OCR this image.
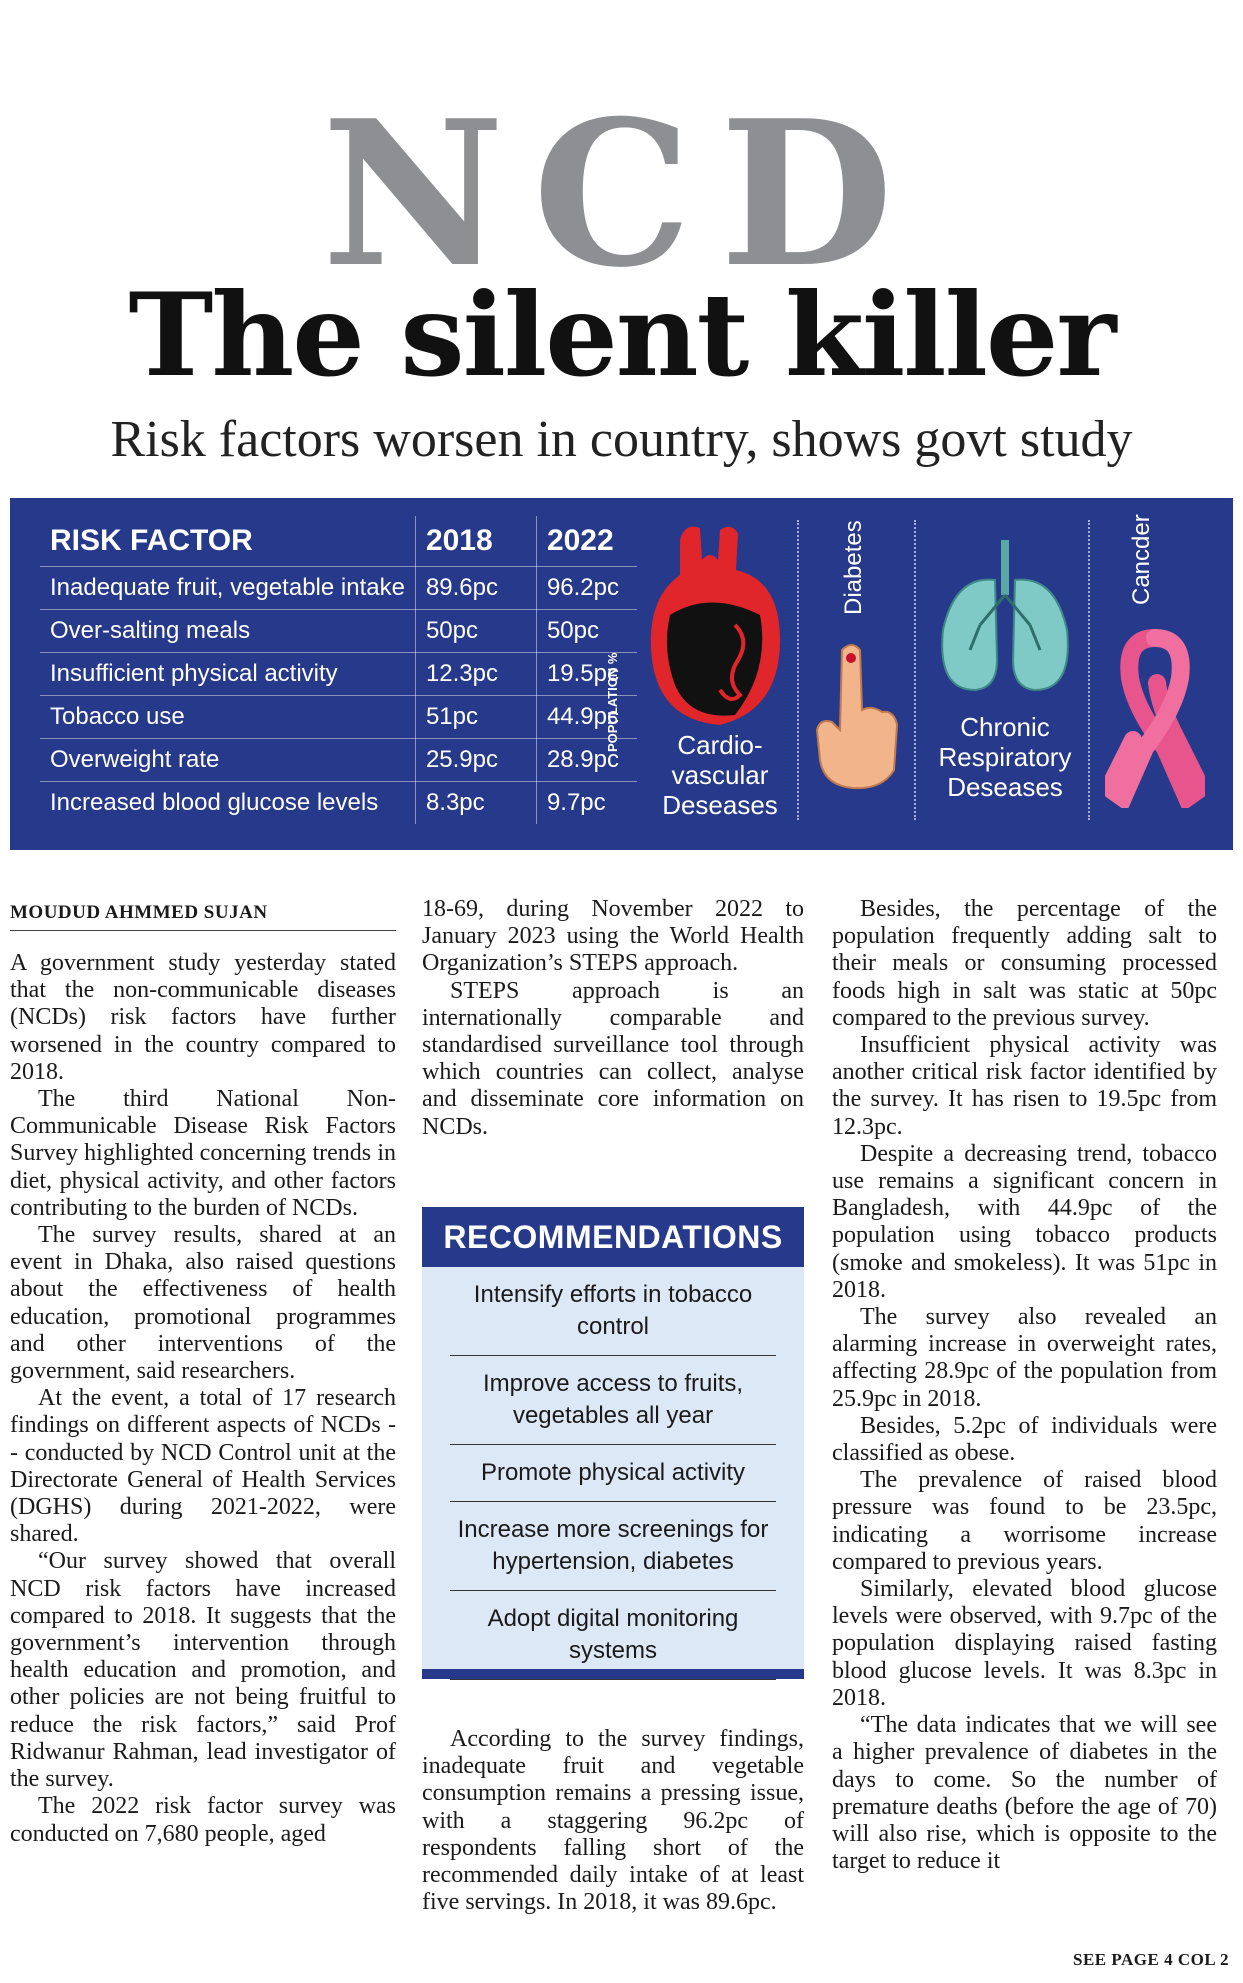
NCD
The silent killer
Risk factors worsen in country, shows govt study
RISK FACTOR	2018	2022
Inadequate fruit, vegetable intake	89.6pc	96.2pc
Over-salting meals	50pc	50pc
Insufficient physical activity	12.3pc	19.5pc
Tobacco use	51pc	44.9pc
Overweight rate	25.9pc	28.9pc
Increased blood glucose levels	8.3pc	9.7pc
POPULATION %	Cardio-
vascular
Deseases
Diabetes
Chronic
Respiratory
Deseases
Cancder
MOUDUD AHMMED SUJAN

A government study yesterday stated that the non-communicable diseases (NCDs) risk factors have further worsened in the country compared to 2018.

The third National Non-Communicable Disease Risk Factors Survey highlighted concerning trends in diet, physical activity, and other factors contributing to the burden of NCDs.

The survey results, shared at an event in Dhaka, also raised questions about the effectiveness of health education, promotional programmes and other interventions of the government, said researchers.

At the event, a total of 17 research findings on different aspects of NCDs -- conducted by NCD Control unit at the Directorate General of Health Services (DGHS) during 2021-2022, were shared.

“Our survey showed that overall NCD risk factors have increased compared to 2018. It suggests that the government’s intervention through health education and promotion, and other policies are not being fruitful to reduce the risk factors,” said Prof Ridwanur Rahman, lead investigator of the survey.

The 2022 risk factor survey was conducted on 7,680 people, aged

18-69, during November 2022 to January 2023 using the World Health Organization’s STEPS approach.

STEPS approach is an internationally comparable and standardised surveillance tool through which countries can collect, analyse and disseminate core information on NCDs.

RECOMMENDATIONS
Intensify efforts in tobacco control
Improve access to fruits, vegetables all year
Promote physical activity
Increase more screenings for hypertension, diabetes
Adopt digital monitoring systems

According to the survey findings, inadequate fruit and vegetable consumption remains a pressing issue, with a staggering 96.2pc of respondents falling short of the recommended daily intake of at least five servings. In 2018, it was 89.6pc.

Besides, the percentage of the population frequently adding salt to their meals or consuming processed foods high in salt was static at 50pc compared to the previous survey.

Insufficient physical activity was another critical risk factor identified by the survey. It has risen to 19.5pc from 12.3pc.

Despite a decreasing trend, tobacco use remains a significant concern in Bangladesh, with 44.9pc of the population using tobacco products (smoke and smokeless). It was 51pc in 2018.

The survey also revealed an alarming increase in overweight rates, affecting 28.9pc of the population from 25.9pc in 2018.

Besides, 5.2pc of individuals were classified as obese.

The prevalence of raised blood pressure was found to be 23.5pc, indicating a worrisome increase compared to previous years.

Similarly, elevated blood glucose levels were observed, with 9.7pc of the population displaying raised fasting blood glucose levels. It was 8.3pc in 2018.

“The data indicates that we will see a higher prevalence of diabetes in the days to come. So the number of premature deaths (before the age of 70) will also rise, which is opposite to the target to reduce it

SEE PAGE 4 COL 2
